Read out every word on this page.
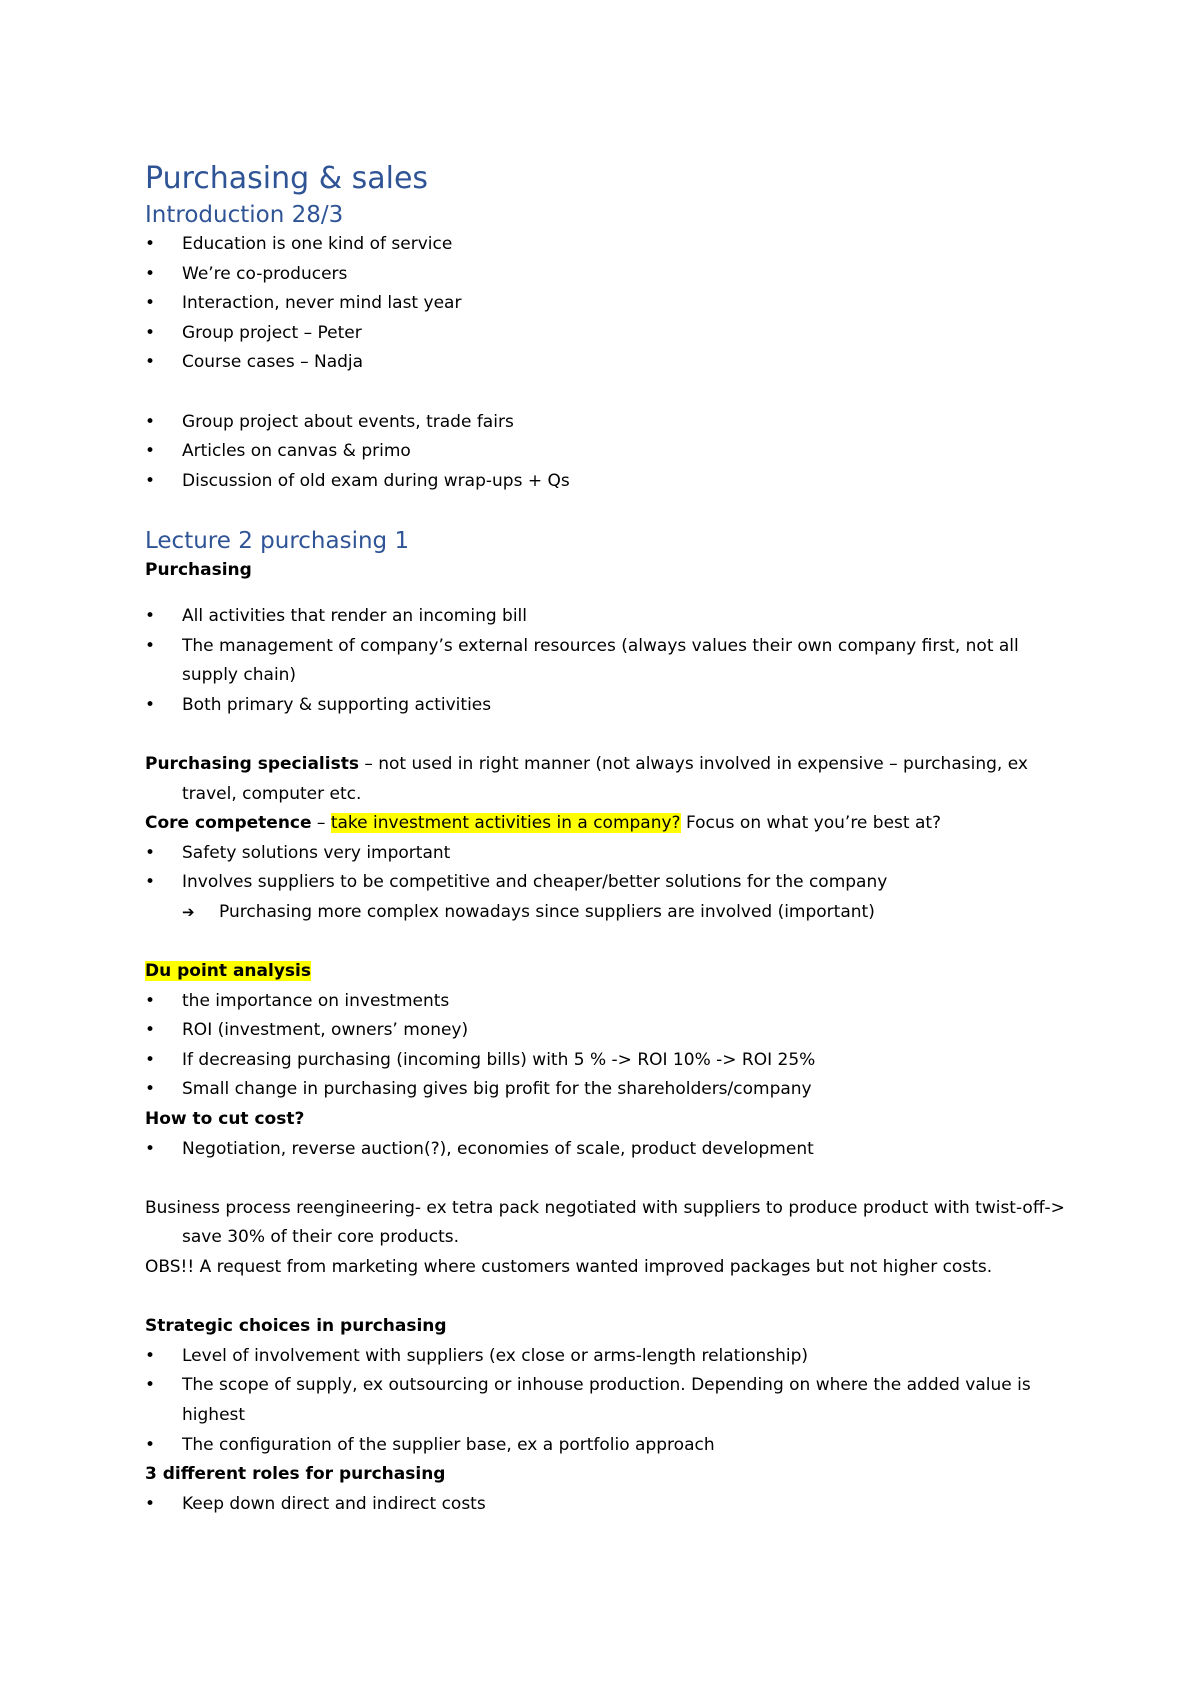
Purchasing & sales
Introduction 28/3
• Education is one kind of service
• We’re co-producers
• Interaction, never mind last year
• Group project – Peter
• Course cases – Nadja
• Group project about events, trade fairs
• Articles on canvas & primo
• Discussion of old exam during wrap-ups + Qs
Lecture 2 purchasing 1

Purchasing

• All activities that render an incoming bill
• The management of company’s external resources (always values their own company first, not all supply chain)
• Both primary & supporting activities

Purchasing specialists – not used in right manner (not always involved in expensive – purchasing, ex travel, computer etc.

Core competence – take investment activities in a company? Focus on what you’re best at?

• Safety solutions very important
• Involves suppliers to be competitive and cheaper/better solutions for the company
➔ Purchasing more complex nowadays since suppliers are involved (important)

Du point analysis

• the importance on investments
• ROI (investment, owners’ money)
• If decreasing purchasing (incoming bills) with 5 % -> ROI 10% -> ROI 25%
• Small change in purchasing gives big profit for the shareholders/company

How to cut cost?

• Negotiation, reverse auction(?), economies of scale, product development

Business process reengineering- ex tetra pack negotiated with suppliers to produce product with twist-off-> save 30% of their core products.

OBS!! A request from marketing where customers wanted improved packages but not higher costs.

Strategic choices in purchasing

• Level of involvement with suppliers (ex close or arms-length relationship)
• The scope of supply, ex outsourcing or inhouse production. Depending on where the added value is highest
• The configuration of the supplier base, ex a portfolio approach

3 different roles for purchasing

• Keep down direct and indirect costs
